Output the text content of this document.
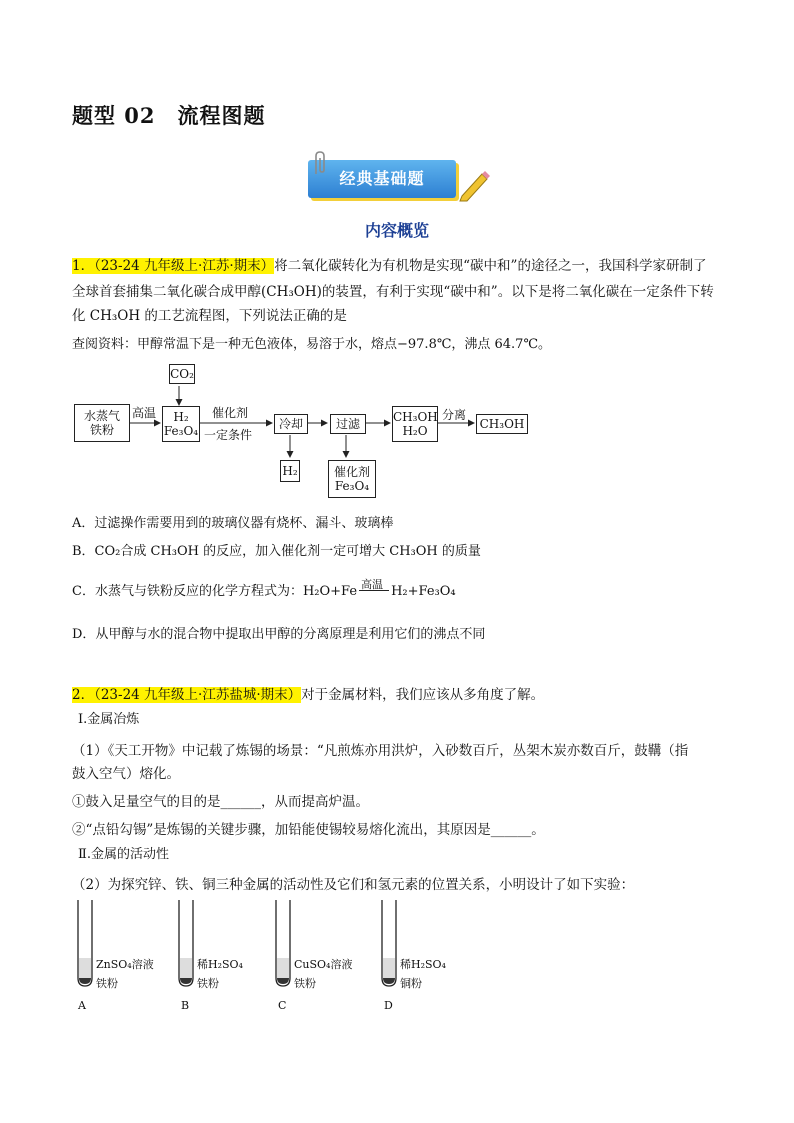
题型 02　流程图题
经典基础题
内容概览
1．（23-24 九年级上·江苏·期末）将二氧化碳转化为有机物是实现“碳中和”的途径之一，我国科学家研制了
全球首套捕集二氧化碳合成甲醇(CH₃OH)的装置，有利于实现“碳中和”。以下是将二氧化碳在一定条件下转
化 CH₃OH 的工艺流程图，下列说法正确的是
查阅资料：甲醇常温下是一种无色液体，易溶于水，熔点−97.8℃，沸点 64.7℃。
CO₂
水蒸气
铁粉
高温	H₂
Fe₃O₄
催化剂
一定条件
冷却	过滤	CH₃OH
H₂O
分离
CH₃OH
H₂	催化剂
Fe₃O₄
A．过滤操作需要用到的玻璃仪器有烧杯、漏斗、玻璃棒
B．CO₂合成 CH₃OH 的反应，加入催化剂一定可增大 CH₃OH 的质量
C．水蒸气与铁粉反应的化学方程式为：H₂O+Fe 高温 H₂+Fe₃O₄
D．从甲醇与水的混合物中提取出甲醇的分离原理是利用它们的沸点不同
2．（23-24 九年级上·江苏盐城·期末）对于金属材料，我们应该从多角度了解。
Ⅰ.金属冶炼
（1）《天工开物》中记载了炼锡的场景：“凡煎炼亦用洪炉，入砂数百斤，丛架木炭亦数百斤，鼓鞲（指
鼓入空气）熔化。
①鼓入足量空气的目的是______，从而提高炉温。
②“点铅勾锡”是炼锡的关键步骤，加铅能使锡较易熔化流出，其原因是______。
Ⅱ.金属的活动性
（2）为探究锌、铁、铜三种金属的活动性及它们和氢元素的位置关系，小明设计了如下实验：
ZnSO₄溶液
铁粉
A
稀H₂SO₄
铁粉
B
CuSO₄溶液
铁粉
C
稀H₂SO₄
铜粉
D
